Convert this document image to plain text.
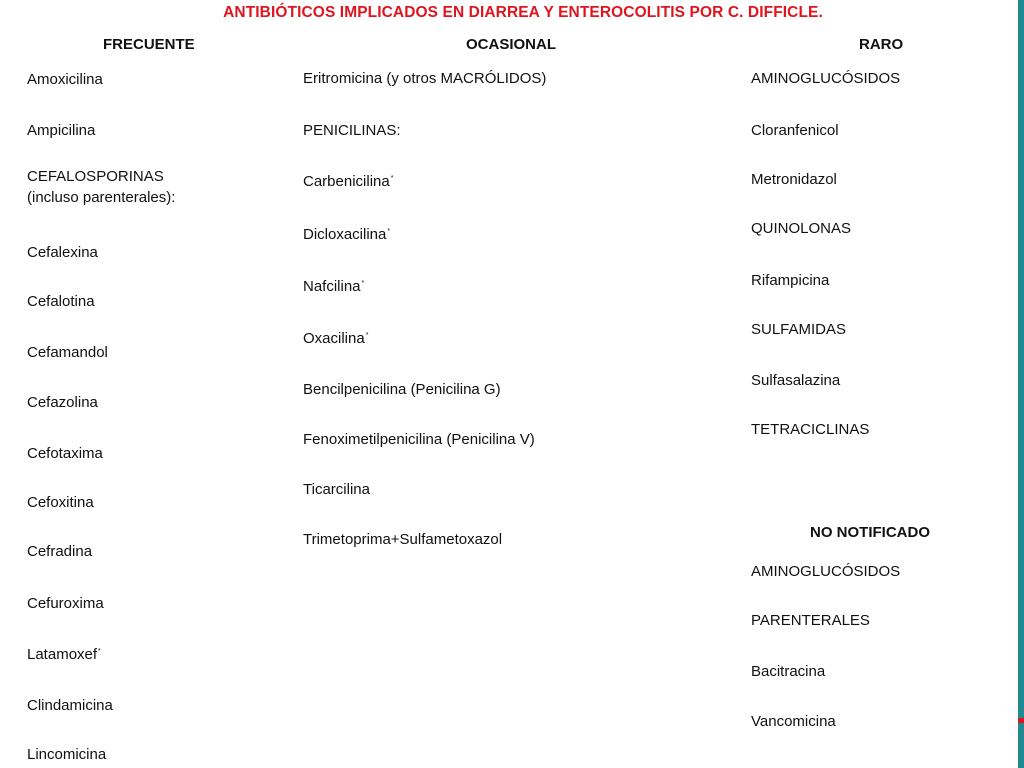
ANTIBIÓTICOS IMPLICADOS EN DIARREA Y ENTEROCOLITIS POR C. DIFFICLE.
FRECUENTE	OCASIONAL	RARO
NO NOTIFICADO
Amoxicilina
Ampicilina
CEFALOSPORINAS
(incluso parenterales):
Cefalexina
Cefalotina
Cefamandol
Cefazolina
Cefotaxima
Cefoxitina
Cefradina
Cefuroxima
Latamoxef*
Clindamicina
Lincomicina
Eritromicina (y otros MACRÓLIDOS)
PENICILINAS:
Carbenicilina*
Dicloxacilina*
Nafcilina*
Oxacilina*
Bencilpenicilina (Penicilina G)
Fenoximetilpenicilina (Penicilina V)
Ticarcilina
Trimetoprima+Sulfametoxazol
AMINOGLUCÓSIDOS
Cloranfenicol
Metronidazol
QUINOLONAS
Rifampicina
SULFAMIDAS
Sulfasalazina
TETRACICLINAS
AMINOGLUCÓSIDOS
PARENTERALES
Bacitracina
Vancomicina
